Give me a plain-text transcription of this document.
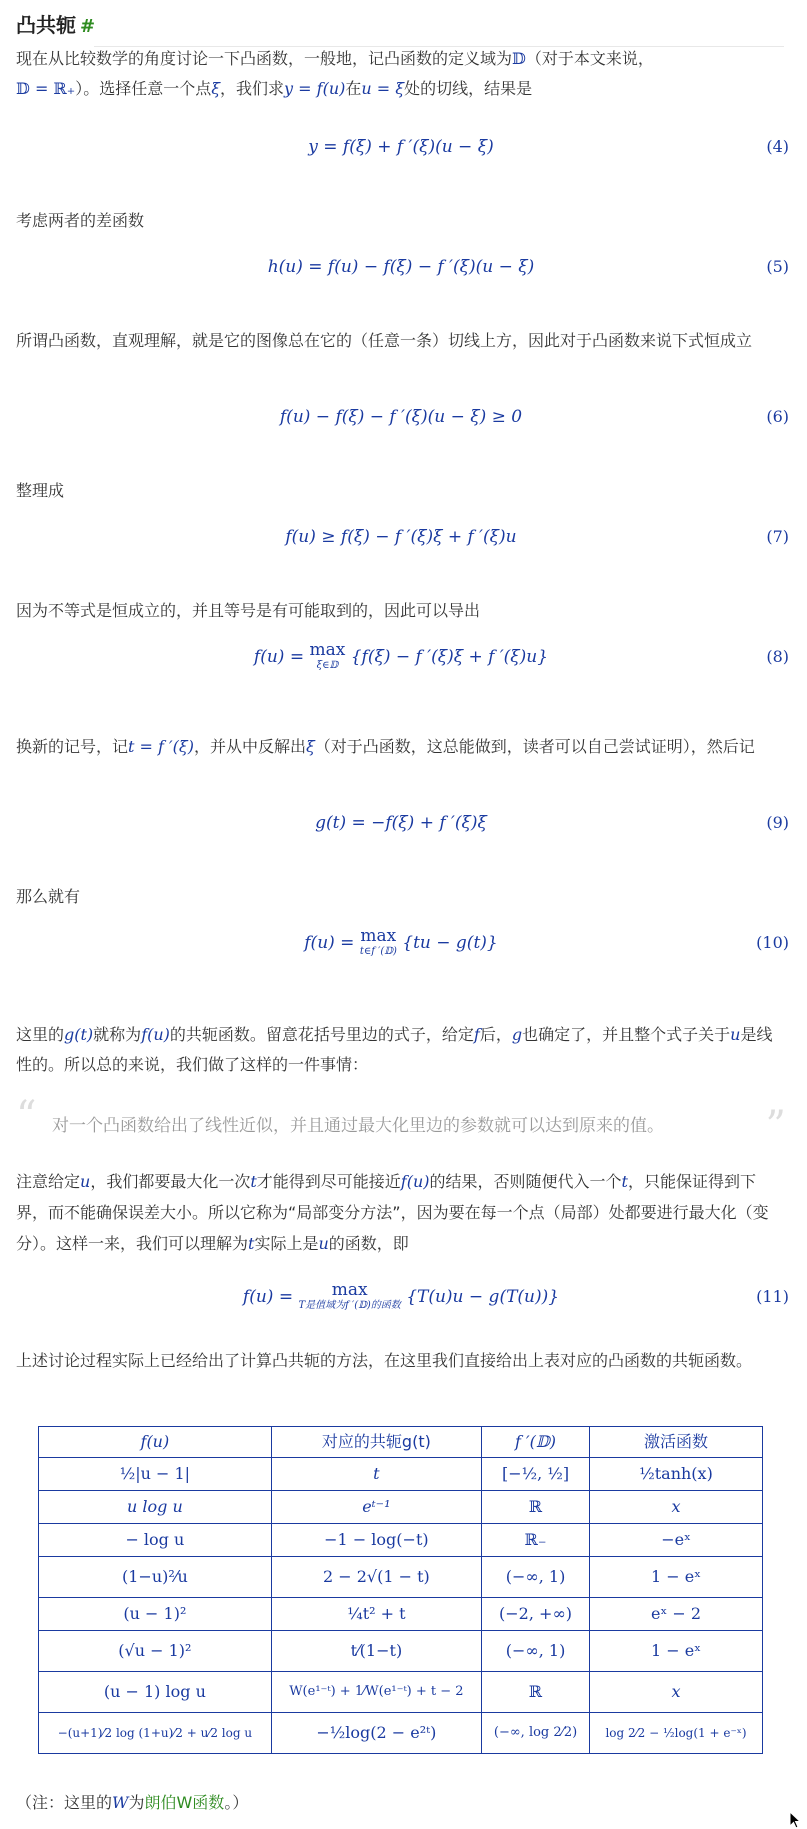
凸共轭 #
现在从比较数学的角度讨论一下凸函数，一般地，记凸函数的定义域为𝔻（对于本文来说，
𝔻 = ℝ₊）。选择任意一个点ξ，我们求y = f(u)在u = ξ处的切线，结果是
y = f(ξ) + f ′(ξ)(u − ξ)	(4)
考虑两者的差函数
h(u) = f(u) − f(ξ) − f ′(ξ)(u − ξ)	(5)
所谓凸函数，直观理解，就是它的图像总在它的（任意一条）切线上方，因此对于凸函数来说下式恒成立
f(u) − f(ξ) − f ′(ξ)(u − ξ) ≥ 0	(6)
整理成
f(u) ≥ f(ξ) − f ′(ξ)ξ + f ′(ξ)u	(7)
因为不等式是恒成立的，并且等号是有可能取到的，因此可以导出
f(u) = max
ξ∈𝔻 {f(ξ) − f ′(ξ)ξ + f ′(ξ)u}	(8)
换新的记号，记t = f ′(ξ)，并从中反解出ξ（对于凸函数，这总能做到，读者可以自己尝试证明），然后记
g(t) = −f(ξ) + f ′(ξ)ξ	(9)
那么就有
f(u) = max
t∈f ′(𝔻) {tu − g(t)}	(10)
这里的g(t)就称为f(u)的共轭函数。留意花括号里边的式子，给定f后，g也确定了，并且整个式子关于u是线性的。所以总的来说，我们做了这样的一件事情：
“ 对一个凸函数给出了线性近似，并且通过最大化里边的参数就可以达到原来的值。	”
注意给定u，我们都要最大化一次t才能得到尽可能接近f(u)的结果，否则随便代入一个t，只能保证得到下界，而不能确保误差大小。所以它称为“局部变分方法”，因为要在每一个点（局部）处都要进行最大化（变分）。这样一来，我们可以理解为t实际上是u的函数，即
f(u) =	max
T是值域为f ′(𝔻)的函数 {T(u)u − g(T(u))}	(11)
上述讨论过程实际上已经给出了计算凸共轭的方法，在这里我们直接给出上表对应的凸函数的共轭函数。
f(u)	对应的共轭g(t)	f ′(𝔻)	激活函数
½|u − 1|	t	[−½, ½]	½tanh(x)
u log u	eᵗ⁻¹	ℝ	x
− log u	−1 − log(−t)	ℝ₋	−eˣ
(1−u)²⁄u	2 − 2√(1 − t)	(−∞, 1)	1 − eˣ
(u − 1)²	¼t² + t	(−2, +∞)	eˣ − 2
(√u − 1)²	t⁄(1−t)	(−∞, 1)	1 − eˣ
(u − 1) log u	W(e¹⁻ᵗ) + 1⁄W(e¹⁻ᵗ) + t − 2	ℝ	x
−(u+1)⁄2 log (1+u)⁄2 + u⁄2 log u	−½log(2 − e²ᵗ)	(−∞, log 2⁄2)	log 2⁄2 − ½log(1 + e⁻ˣ)
（注：这里的W为朗伯W函数。）
